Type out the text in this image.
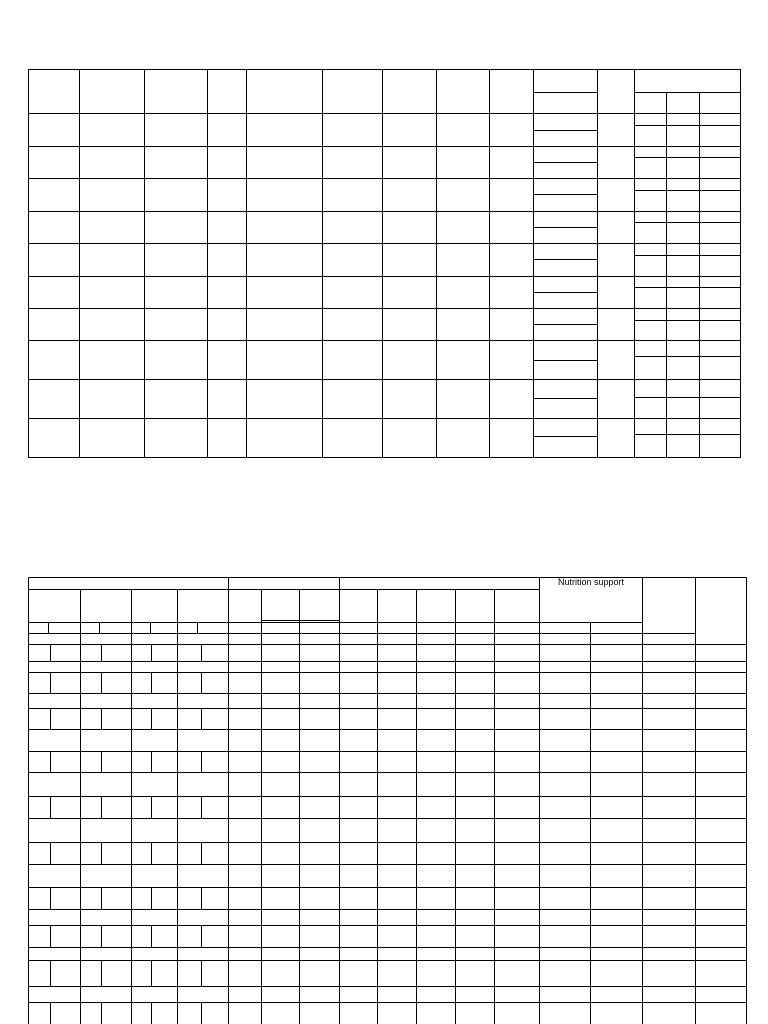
Nutrition support
